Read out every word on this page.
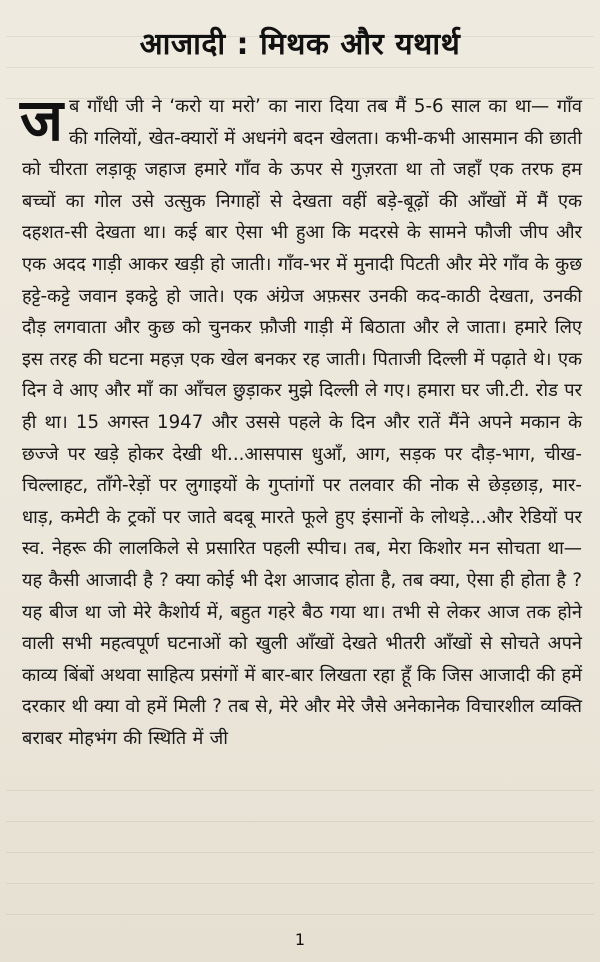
आजादी : मिथक और यथार्थ
ज ब गाँधी जी ने ‘करो या मरो’ का नारा दिया तब मैं 5-6 साल का था— गाँव की गलियों, खेत-क्यारों में अधनंगे बदन खेलता। कभी-कभी आसमान की छाती को चीरता लड़ाकू जहाज हमारे गाँव के ऊपर से गुज़रता था तो जहाँ एक तरफ हम बच्चों का गोल उसे उत्सुक निगाहों से देखता वहीं बड़े-बूढ़ों की आँखों में मैं एक दहशत-सी देखता था। कई बार ऐसा भी हुआ कि मदरसे के सामने फौजी जीप और एक अदद गाड़ी आकर खड़ी हो जाती। गाँव-भर में मुनादी पिटती और मेरे गाँव के कुछ हट्टे-कट्टे जवान इकट्ठे हो जाते। एक अंग्रेज अफ़सर उनकी कद-काठी देखता, उनकी दौड़ लगवाता और कुछ को चुनकर फ़ौजी गाड़ी में बिठाता और ले जाता। हमारे लिए इस तरह की घटना महज़ एक खेल बनकर रह जाती। पिताजी दिल्ली में पढ़ाते थे। एक दिन वे आए और माँ का आँचल छुड़ाकर मुझे दिल्ली ले गए। हमारा घर जी.टी. रोड पर ही था। 15 अगस्त 1947 और उससे पहले के दिन और रातें मैंने अपने मकान के छज्जे पर खड़े होकर देखी थी...आसपास धुआँ, आग, सड़क पर दौड़-भाग, चीख-चिल्लाहट, ताँगे-रेड़ों पर लुगाइयों के गुप्तांगों पर तलवार की नोक से छेड़छाड़, मार-धाड़, कमेटी के ट्रकों पर जाते बदबू मारते फूले हुए इंसानों के लोथड़े...और रेडियों पर स्व. नेहरू की लालकिले से प्रसारित पहली स्पीच। तब, मेरा किशोर मन सोचता था—यह कैसी आजादी है ? क्या कोई भी देश आजाद होता है, तब क्या, ऐसा ही होता है ? यह बीज था जो मेरे कैशोर्य में, बहुत गहरे बैठ गया था। तभी से लेकर आज तक होने वाली सभी महत्वपूर्ण घटनाओं को खुली आँखों देखते भीतरी आँखों से सोचते अपने काव्य बिंबों अथवा साहित्य प्रसंगों में बार-बार लिखता रहा हूँ कि जिस आजादी की हमें दरकार थी क्या वो हमें मिली ? तब से, मेरे और मेरे जैसे अनेकानेक विचारशील व्यक्ति बराबर मोहभंग की स्थिति में जी
1
